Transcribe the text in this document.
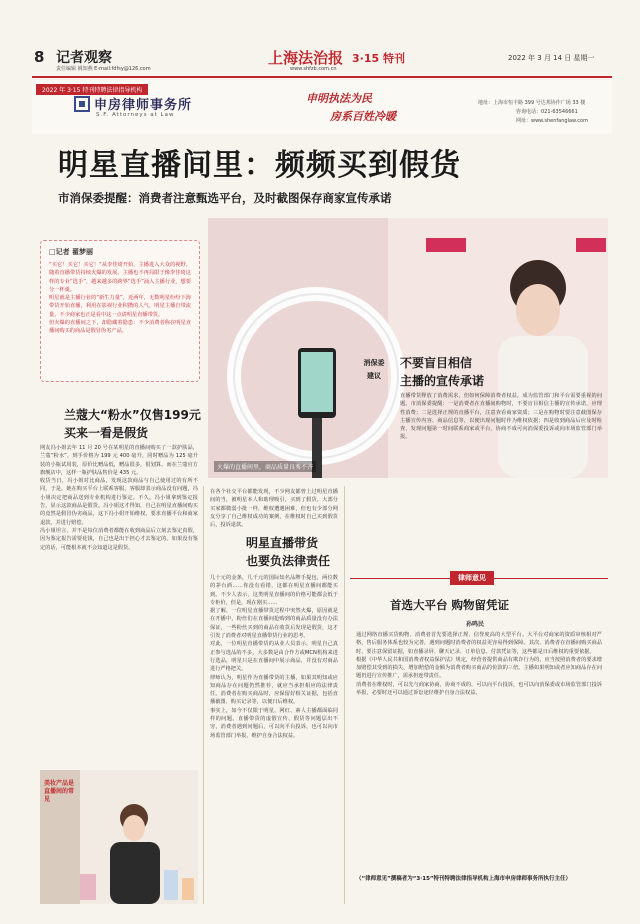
8 记者观察
责任编辑 姚知燕 E-mail:fdfsy@126.com
上海法治报 3·15 特刊
www.shfzb.com.cn
2022 年 3 月 14 日 星期一
2022 年 3·15 特刊特聘法律指导机构
申房律师事务所
S.F. Attorneys at Law
申明执法为民
房系百姓冷暖
地址：上海市恒丰路 399 号达邦协作广场 33 楼
咨询电话：021-63546661
网址：www.shenfanglaw.com
明星直播间里：频频买到假货
市消保委提醒：消费者注意甄选平台，及时截图保存商家宣传承诺
□记者 翟梦丽
“买它！买它！买它！”从李佳琦开始，主播进入大众的视野。随着直播带货持续火爆的发展，主播也不再局限于像李佳琦这样的专业“选手”，越来越多的跨界“选手”涌入主播行业，想要分一杯羹。
明星就是主播行业的“新生力量”，近两年，无数明星纷纷下海带货开始直播，利用在影视行业积攒的人气，明星主播自带流量，不少商家也正是看中这一点请明星直播带货。
但火爆的直播间之下，却隐藏着隐患：不少消费者称在明星直播间购买的商品是假冒伪劣产品。
火爆的直播间里，商品质量良莠不齐
兰蔻大“粉水”仅售199元
买来一看是假货
网友冯小姐去年 11 月 20 号在某明星的直播间购买了一款护肤品，兰蔻“粉水”，到手价格为 199 元 400 毫升，同时赠品为 125 毫升装的小瓶试用装，原价比赠品低，赠品很多，很划算。而在兰蔻官方旗舰店中，这样一瓶护肤品售价是 435 元。
收货当日，冯小姐对比商品，发现这款商品与自己使用过的有所不同，于是，她在购买平台上联系客服，客服却表示商品没有问题，冯小姐决定把商品送到专业机构进行鉴定。不久，冯小姐拿到鉴定报告，显示这款商品是假货。冯小姐这才得知，自己在明星直播间购买的竟然是假冒伪劣商品，这下冯小姐开始维权，要求直播平台和商家退款，并进行赔偿。
冯小姐坦言，并不是每位消费者都能在收到商品后立刻去鉴定真假，因为鉴定报告需要花钱，自己也是出于担心才去鉴定的。如果没有鉴定的话，可能根本就不会知道这是假货。
美妆产品是直播间的常见
在各个社交平台都能发现，不少网友都曾上过明星直播间的当，被明星本人和助理吸引，买到了假货。大部分买家都微弱小批一样，维权遭遇困难，但也有少部分网友分享了自己维权成功的案例，在维权时自己买到假货后，投诉退款。
明星直播带货
也要负法律责任
几十元的金条，几千元的国际知名品牌手提包，两位数的茅台酒……你没有看错，这都在明星直播间都能买到。不少人表示，这类明星直播间的价格可能都会低于专柜价，但是，现在刚买……
据了解，一位明星直播带货过程中突然火爆，原因就是在开播中，粉丝们在直播间抢购到的商品质量没有办法保证，一些粉丝买到的商品在收货后发现是假货，这才引发了消费者对明星直播带货行业的思考。
对此，一位明星直播带货的从业人员表示，明星自己真正参与选品的不多，大多数是由合作方或MCN机构来进行选品，明星只是在直播间中展示商品，并没有对商品进行严格把关。
律师认为，明星作为直播带货的主播，如果其明知或应知商品存在问题仍然推荐，就应当承担相应的法律责任。消费者在购买商品时，应保留好相关证据，包括直播截图、购买记录等，以便日后维权。
事实上，如今不仅限于明星，网红、素人主播都面临同样的问题。直播带货的虚假宣传、假货等问题层出不穷，消费者遇到问题后，可以向平台投诉，也可以向市场监管部门举报，维护自身合法权益。
消保委
建议
不要盲目相信
主播的宣传承诺
直播带货释放了消费需求，但如何保障消费者权益，成为监管部门和平台需要重视的问题。市消保委提醒：一是消费者在直播间购物时，不要盲目相信主播的宣传承诺，应理性消费；二是选择正规的直播平台，注意查看商家资质；三是在购物时要注意截图保存主播宣传内容、商品信息等，以便出现问题时作为维权依据；四是收到商品后应及时检查，发现问题第一时间联系商家或平台，协商不成可向消保委投诉或向市场监管部门举报。
律师意见
首选大平台 购物留凭证
孙鸣民
通过网络直播买货购物，消费者首先要选择正规、信誉度高的大型平台。大平台对商家的资质审核相对严格，售后服务体系也较为完善，遇到问题时消费者的权益更容易得到保障。其次，消费者在直播间购买商品时，要注意保留证据，如直播录屏、聊天记录、订单信息、付款凭证等，这些都是日后维权的重要依据。
根据《中华人民共和国消费者权益保护法》规定，经营者提供商品有欺诈行为的，应当按照消费者的要求增加赔偿其受到的损失，增加赔偿的金额为消费者购买商品的价款的三倍。主播如果明知或者应知商品存在问题仍进行宣传推广，需承担连带责任。
消费者在维权时，可以先与商家协商，协商不成的，可以向平台投诉，也可以向消保委或市场监管部门投诉举报，必要时还可以通过诉讼途径维护自身合法权益。
（“律师意见”撰稿者为“3·15”特刊特聘法律指导机构上海市申房律师事务所执行主任）
